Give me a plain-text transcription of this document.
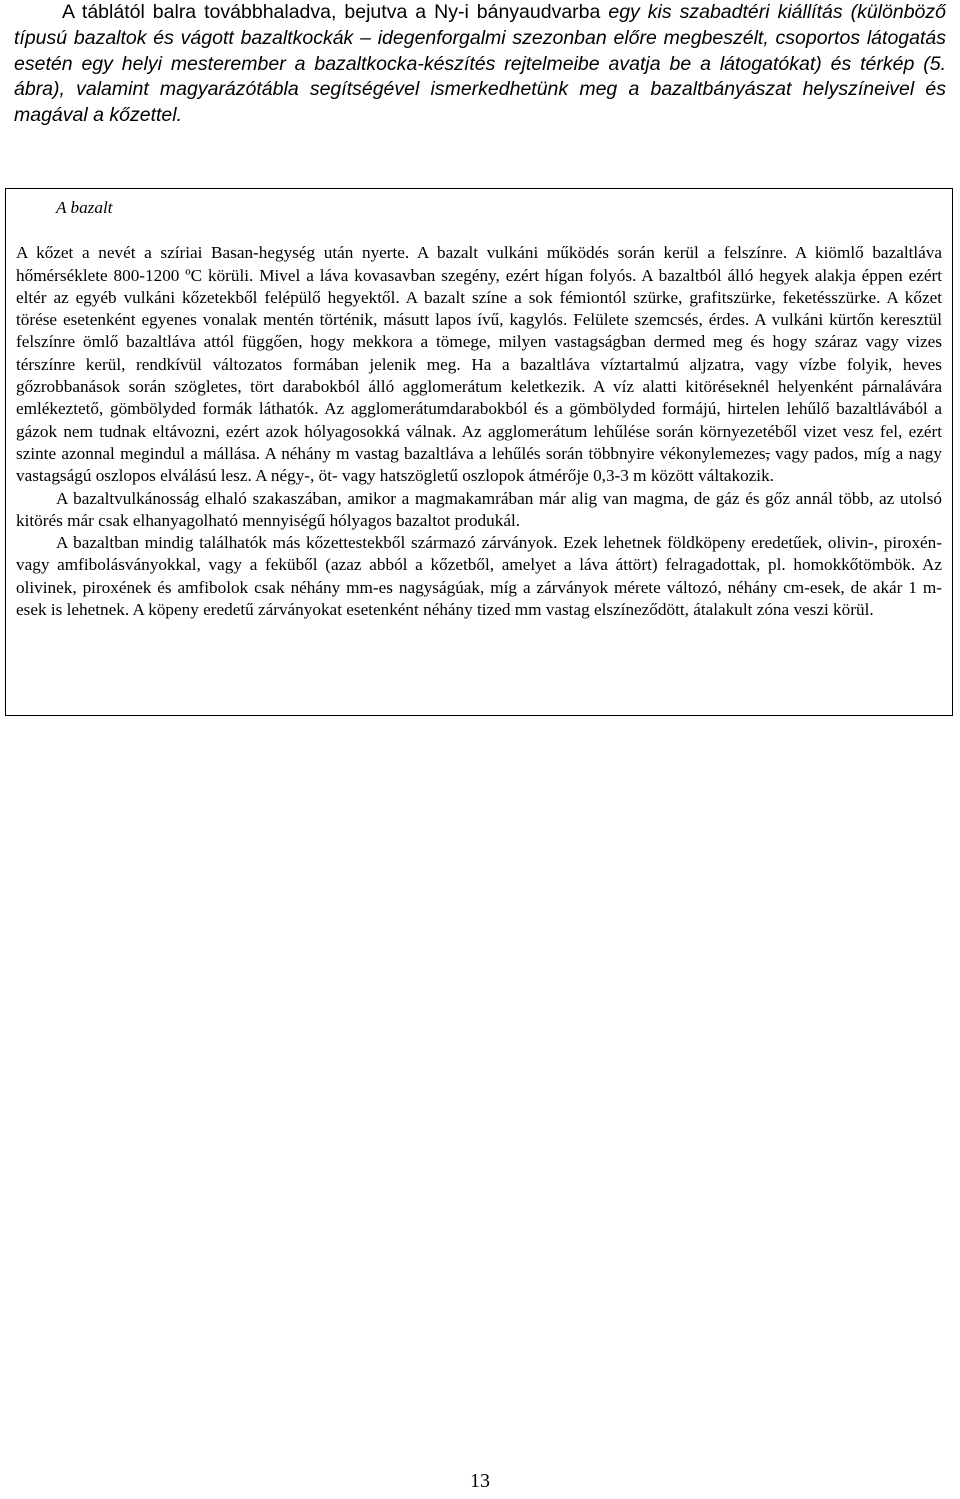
A táblától balra továbbhaladva, bejutva a Ny-i bányaudvarba egy kis szabadtéri kiállítás (különböző típusú bazaltok és vágott bazaltkockák – idegenforgalmi szezonban előre megbeszélt, csoportos látogatás esetén egy helyi mesterember a bazaltkocka-készítés rejtelmeibe avatja be a látogatókat) és térkép (5. ábra), valamint magyarázótábla segítségével ismerkedhetünk meg a bazaltbányászat helyszíneivel és magával a kőzettel.

A bazalt

A kőzet a nevét a szíriai Basan-hegység után nyerte. A bazalt vulkáni működés során kerül a felszínre. A kiömlő bazaltláva hőmérséklete 800-1200 ºC körüli. Mivel a láva kovasavban szegény, ezért hígan folyós. A bazaltból álló hegyek alakja éppen ezért eltér az egyéb vulkáni kőzetekből felépülő hegyektől. A bazalt színe a sok fémiontól szürke, grafitszürke, feketésszürke. A kőzet törése esetenként egyenes vonalak mentén történik, másutt lapos ívű, kagylós. Felülete szemcsés, érdes. A vulkáni kürtőn keresztül felszínre ömlő bazaltláva attól függően, hogy mekkora a tömege, milyen vastagságban dermed meg és hogy száraz vagy vizes térszínre kerül, rendkívül változatos formában jelenik meg. Ha a bazaltláva víztartalmú aljzatra, vagy vízbe folyik, heves gőzrobbanások során szögletes, tört darabokból álló agglomerátum keletkezik. A víz alatti kitöréseknél helyenként párnalávára emlékeztető, gömbölyded formák láthatók. Az agglomerátumdarabokból és a gömbölyded formájú, hirtelen lehűlő bazaltlávából a gázok nem tudnak eltávozni, ezért azok hólyagosokká válnak. Az agglomerátum lehűlése során környezetéből vizet vesz fel, ezért szinte azonnal megindul a mállása. A néhány m vastag bazaltláva a lehűlés során többnyire vékonylemezes, vagy pados, míg a nagy vastagságú oszlopos elválású lesz. A négy-, öt- vagy hatszögletű oszlopok átmérője 0,3-3 m között váltakozik.

A bazaltvulkánosság elhaló szakaszában, amikor a magmakamrában már alig van magma, de gáz és gőz annál több, az utolsó kitörés már csak elhanyagolható mennyiségű hólyagos bazaltot produkál.

A bazaltban mindig találhatók más kőzettestekből származó zárványok. Ezek lehetnek földköpeny eredetűek, olivin-, piroxén- vagy amfibolásványokkal, vagy a feküből (azaz abból a kőzetből, amelyet a láva áttört) felragadottak, pl. homokkőtömbök. Az olivinek, piroxének és amfibolok csak néhány mm-es nagyságúak, míg a zárványok mérete változó, néhány cm-esek, de akár 1 m-esek is lehetnek. A köpeny eredetű zárványokat esetenként néhány tized mm vastag elszíneződött, átalakult zóna veszi körül.

13
